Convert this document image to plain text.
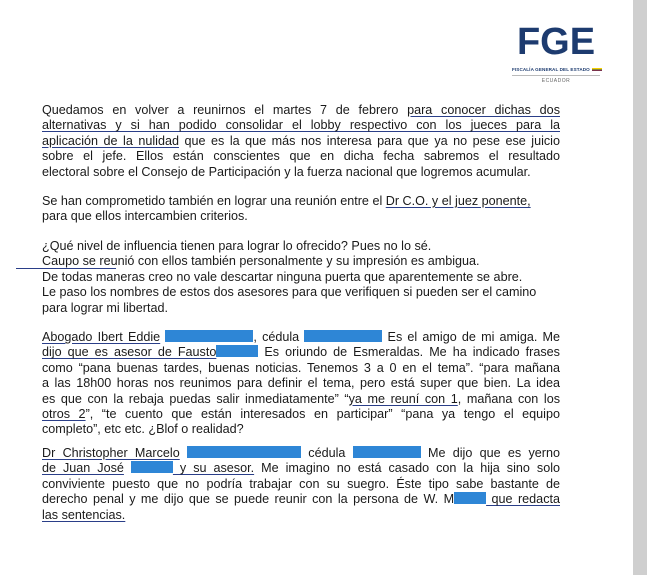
FGE
FISCALÍA GENERAL DEL ESTADO
ECUADOR
Quedamos en volver a reunirnos el martes 7 de febrero para conocer dichas dos
alternativas y si han podido consolidar el lobby respectivo con los jueces para la
aplicación de la nulidad que es la que más nos interesa para que ya no pese ese juicio
sobre el jefe. Ellos están conscientes que en dicha fecha sabremos el resultado
electoral sobre el Consejo de Participación y la fuerza nacional que logremos acumular.
Se han comprometido también en lograr una reunión entre el Dr C.O. y el juez ponente,
para que ellos intercambien criterios.
¿Qué nivel de influencia tienen para lograr lo ofrecido? Pues no lo sé.
Caupo se reunió con ellos también personalmente y su impresión es ambigua.
De todas maneras creo no vale descartar ninguna puerta que aparentemente se abre.
Le paso los nombres de estos dos asesores para que verifiquen si pueden ser el camino
para lograr mi libertad.
Abogado Ibert Eddie	, cédula	Es el amigo de mi amiga. Me
dijo que es asesor de Fausto	Es oriundo de Esmeraldas. Me ha indicado frases
como “pana buenas tardes, buenas noticias. Tenemos 3 a 0 en el tema”. “para mañana
a las 18h00 horas nos reunimos para definir el tema, pero está super que bien. La idea
es que con la rebaja puedas salir inmediatamente” “ya me reuní con 1, mañana con los
otros 2”, “te cuento que están interesados en participar” “pana ya tengo el equipo
completo”, etc etc. ¿Blof o realidad?
Dr Christopher Marcelo	cédula	Me dijo que es yerno
de Juan José	y su asesor. Me imagino no está casado con la hija sino solo
conviviente puesto que no podría trabajar con su suegro. Éste tipo sabe bastante de
derecho penal y me dijo que se puede reunir con la persona de W. M	que redacta
las sentencias.
